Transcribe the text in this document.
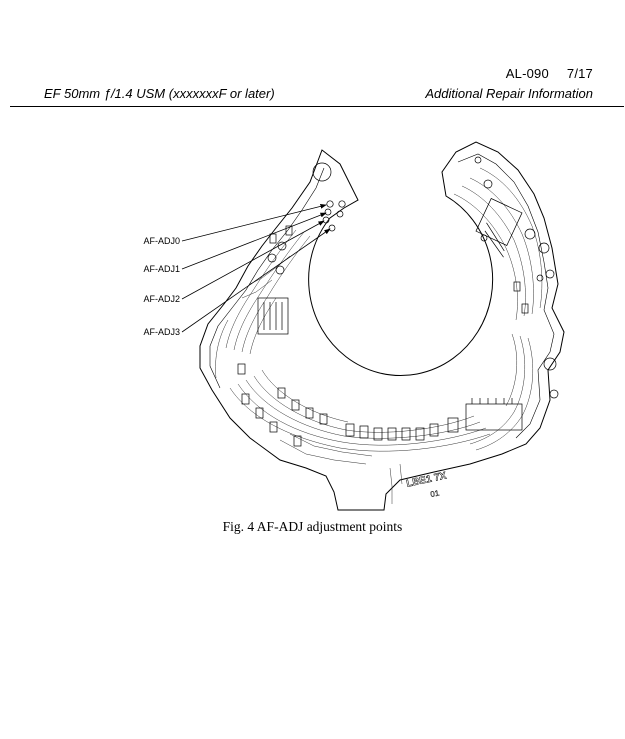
AL-090 7/17
EF 50mm ƒ/1.4 USM (xxxxxxxF or later)	Additional Repair Information
LBE1 7X
01
AF-ADJ0
AF-ADJ1
AF-ADJ2
AF-ADJ3
Fig. 4 AF-ADJ adjustment points
